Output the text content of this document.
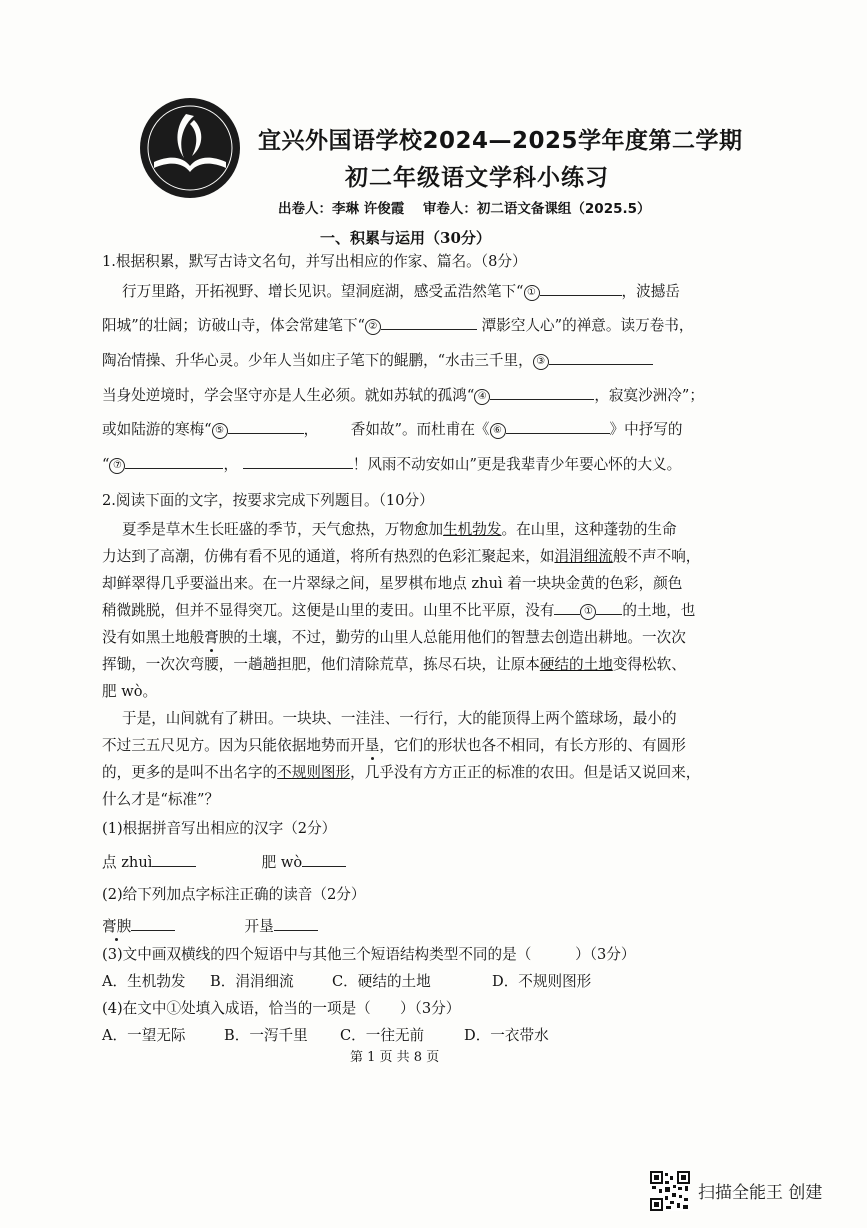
宜兴外国语学校2024—2025学年度第二学期
初二年级语文学科小练习
出卷人：李琳 许俊霞 审卷人：初二语文备课组（2025.5）
一、积累与运用（30分）
1.根据积累，默写古诗文名句，并写出相应的作家、篇名。（8分）
行万里路，开拓视野、增长见识。望洞庭湖，感受孟浩然笔下“ ①	，波撼岳
阳城”的壮阔；访破山寺，体会常建笔下“ ②	潭影空人心”的禅意。读万卷书，
陶冶情操、升华心灵。少年人当如庄子笔下的鲲鹏，“水击三千里， ③
当身处逆境时，学会坚守亦是人生必须。就如苏轼的孤鸿“ ④	，寂寞沙洲冷”；
或如陆游的寒梅“ ⑤	， 香如故”。而杜甫在《 ⑥	》中抒写的
“ ⑦	，	！风雨不动安如山”更是我辈青少年要心怀的大义。
2.阅读下面的文字，按要求完成下列题目。（10分）
夏季是草木生长旺盛的季节，天气愈热，万物愈加生机勃发。在山里，这种蓬勃的生命
力达到了高潮，仿佛有看不见的通道，将所有热烈的色彩汇聚起来，如涓涓细流般不声不响，
却鲜翠得几乎要溢出来。在一片翠绿之间，星罗棋布地点 zhuì 着一块块金黄的色彩，颜色
稍微跳脱，但并不显得突兀。这便是山里的麦田。山里不比平原，没有	① 的土地，也
没有如黑土地般膏腴的土壤，不过，勤劳的山里人总能用他们的智慧去创造出耕地。一次次
挥锄，一次次弯腰，一趟趟担肥，他们清除荒草，拣尽石块，让原本硬结的土地变得松软、
肥 wò。
于是，山间就有了耕田。一块块、一洼洼、一行行，大的能顶得上两个篮球场，最小的
不过三五尺见方。因为只能依据地势而开垦，它们的形状也各不相同，有长方形的、有圆形
的，更多的是叫不出名字的不规则图形，几乎没有方方正正的标准的农田。但是话又说回来，
什么才是“标准”？
(1)根据拼音写出相应的汉字（2分）
点 zhuì	肥 wò
(2)给下列加点字标注正确的读音（2分）
膏腴	开垦
(3)文中画双横线的四个短语中与其他三个短语结构类型不同的是（　　　）（3分）
A．生机勃发 B．涓涓细流	C．硬结的土地	D．不规则图形
(4)在文中①处填入成语，恰当的一项是（　　）（3分）
A．一望无际	B．一泻千里 C．一往无前	D．一衣带水
第 1 页 共 8 页
扫描全能王 创建
